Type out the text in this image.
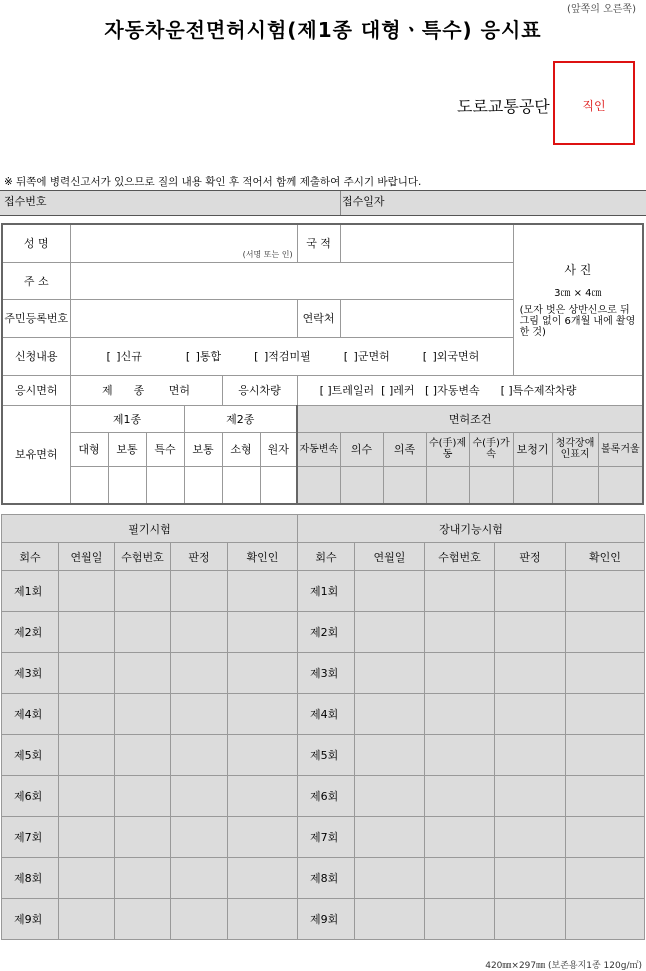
(앞쪽의 오른쪽)
자동차운전면허시험(제1종 대형ㆍ특수) 응시표
도로교통공단	직인
※ 뒤쪽에 병력신고서가 있으므로 질의 내용 확인 후 적어서 함께 제출하여 주시기 바랍니다.
접수번호	접수일자
성 명	(서명 또는 인)						국 적					사 진
3㎝ × 4㎝
(모자 벗은 상반신으로 뒤 그림 없이 6개월 내에 촬영한 것)		

주 소														
주민등록번호							연락처							
신청내용	[ ]신규 [ ]통합 [ ]적검미필 [ ]군면허 [ ]외국면허													
응시면허	제      종       면허				응시차량		[ ]트레일러 [ ]레커 [ ]자동변속 [ ]특수제작차량							
보유면허	제1종			제2종			면허조건							
	대형	보통	특수	보통	소형	원자	자동변속	의수	의족	수(手)제동	수(手)가속	보청기	청각장애인표지	볼록거울

필기시험					장내기능시험				
회수	연월일	수험번호	판정	확인인	회수	연월일	수험번호	판정	확인인
제1회					제1회				
제2회					제2회				
제3회					제3회				
제4회					제4회				
제5회					제5회				
제6회					제6회				
제7회					제7회				
제8회					제8회				
제9회					제9회				
420㎜×297㎜ (보존용지1종 120g/㎡)
